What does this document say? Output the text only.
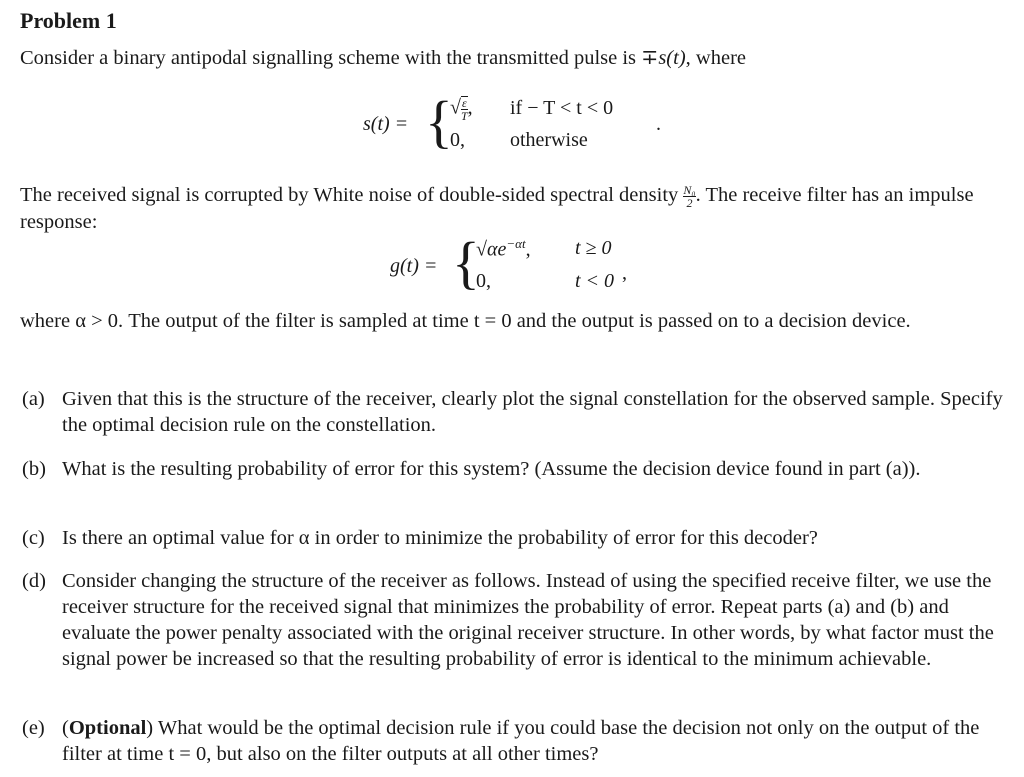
Problem 1
Consider a binary antipodal signalling scheme with the transmitted pulse is ∓s(t), where
s(t) = {
√ $\frac{\varepsilon}{T}$ , if − T < t < 0
0, otherwise
.
The received signal is corrupted by White noise of double-sided spectral density $\frac{\text{N₀}}{2}$ . The receive filter has an impulse response:
g(t) = {
$√\alpha e^{-\alpha t}$, t ≥ 0
0,	t < 0 ,
where α > 0. The output of the filter is sampled at time t = 0 and the output is passed on to a decision device.
(a) Given that this is the structure of the receiver, clearly plot the signal constellation for the observed sample. Specify the optimal decision rule on the constellation.
(b) What is the resulting probability of error for this system? (Assume the decision device found in part (a)).
(c) Is there an optimal value for α in order to minimize the probability of error for this decoder?
(d) Consider changing the structure of the receiver as follows. Instead of using the specified receive filter, we use the receiver structure for the received signal that minimizes the probability of error. Repeat parts (a) and (b) and evaluate the power penalty associated with the original receiver structure. In other words, by what factor must the signal power be increased so that the resulting probability of error is identical to the minimum achievable.
(e) (Optional) What would be the optimal decision rule if you could base the decision not only on the output of the filter at time t = 0, but also on the filter outputs at all other times?
